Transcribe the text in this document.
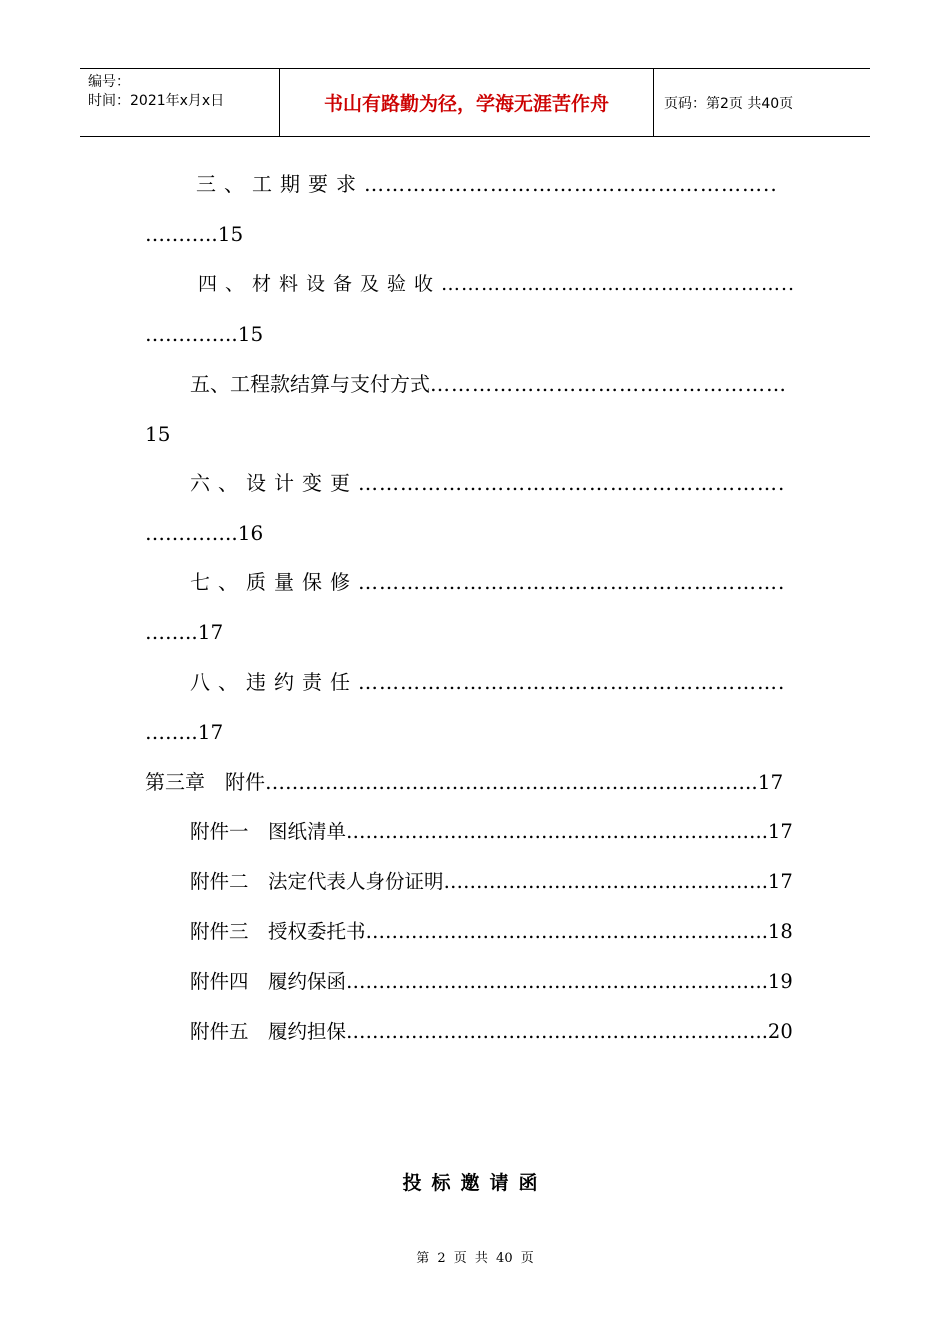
编号：
时间：2021年x月x日	书山有路勤为径，学海无涯苦作舟	页码：第2页 共40页
三、工期要求…………………………………………………..
………..15
四、材料设备及验收……………………………………………..
…………..15
五、工程款结算与支付方式……………………………………………
15
六、设计变更…………………………………………………….
…………..16
七、质量保修…………………………………………………….
……..17
八、违约责任…………………………………………………….
……..17
第三章　附件………………………………………………………………..17
附件一　图纸清单………………………………………………………..17
附件二　法定代表人身份证明…………………………………………..17
附件三　授权委托书……………………………………………………..18
附件四　履约保函………………………………………………………..19
附件五　履约担保………………………………………………………..20
投标邀请函
第 2 页 共 40 页
